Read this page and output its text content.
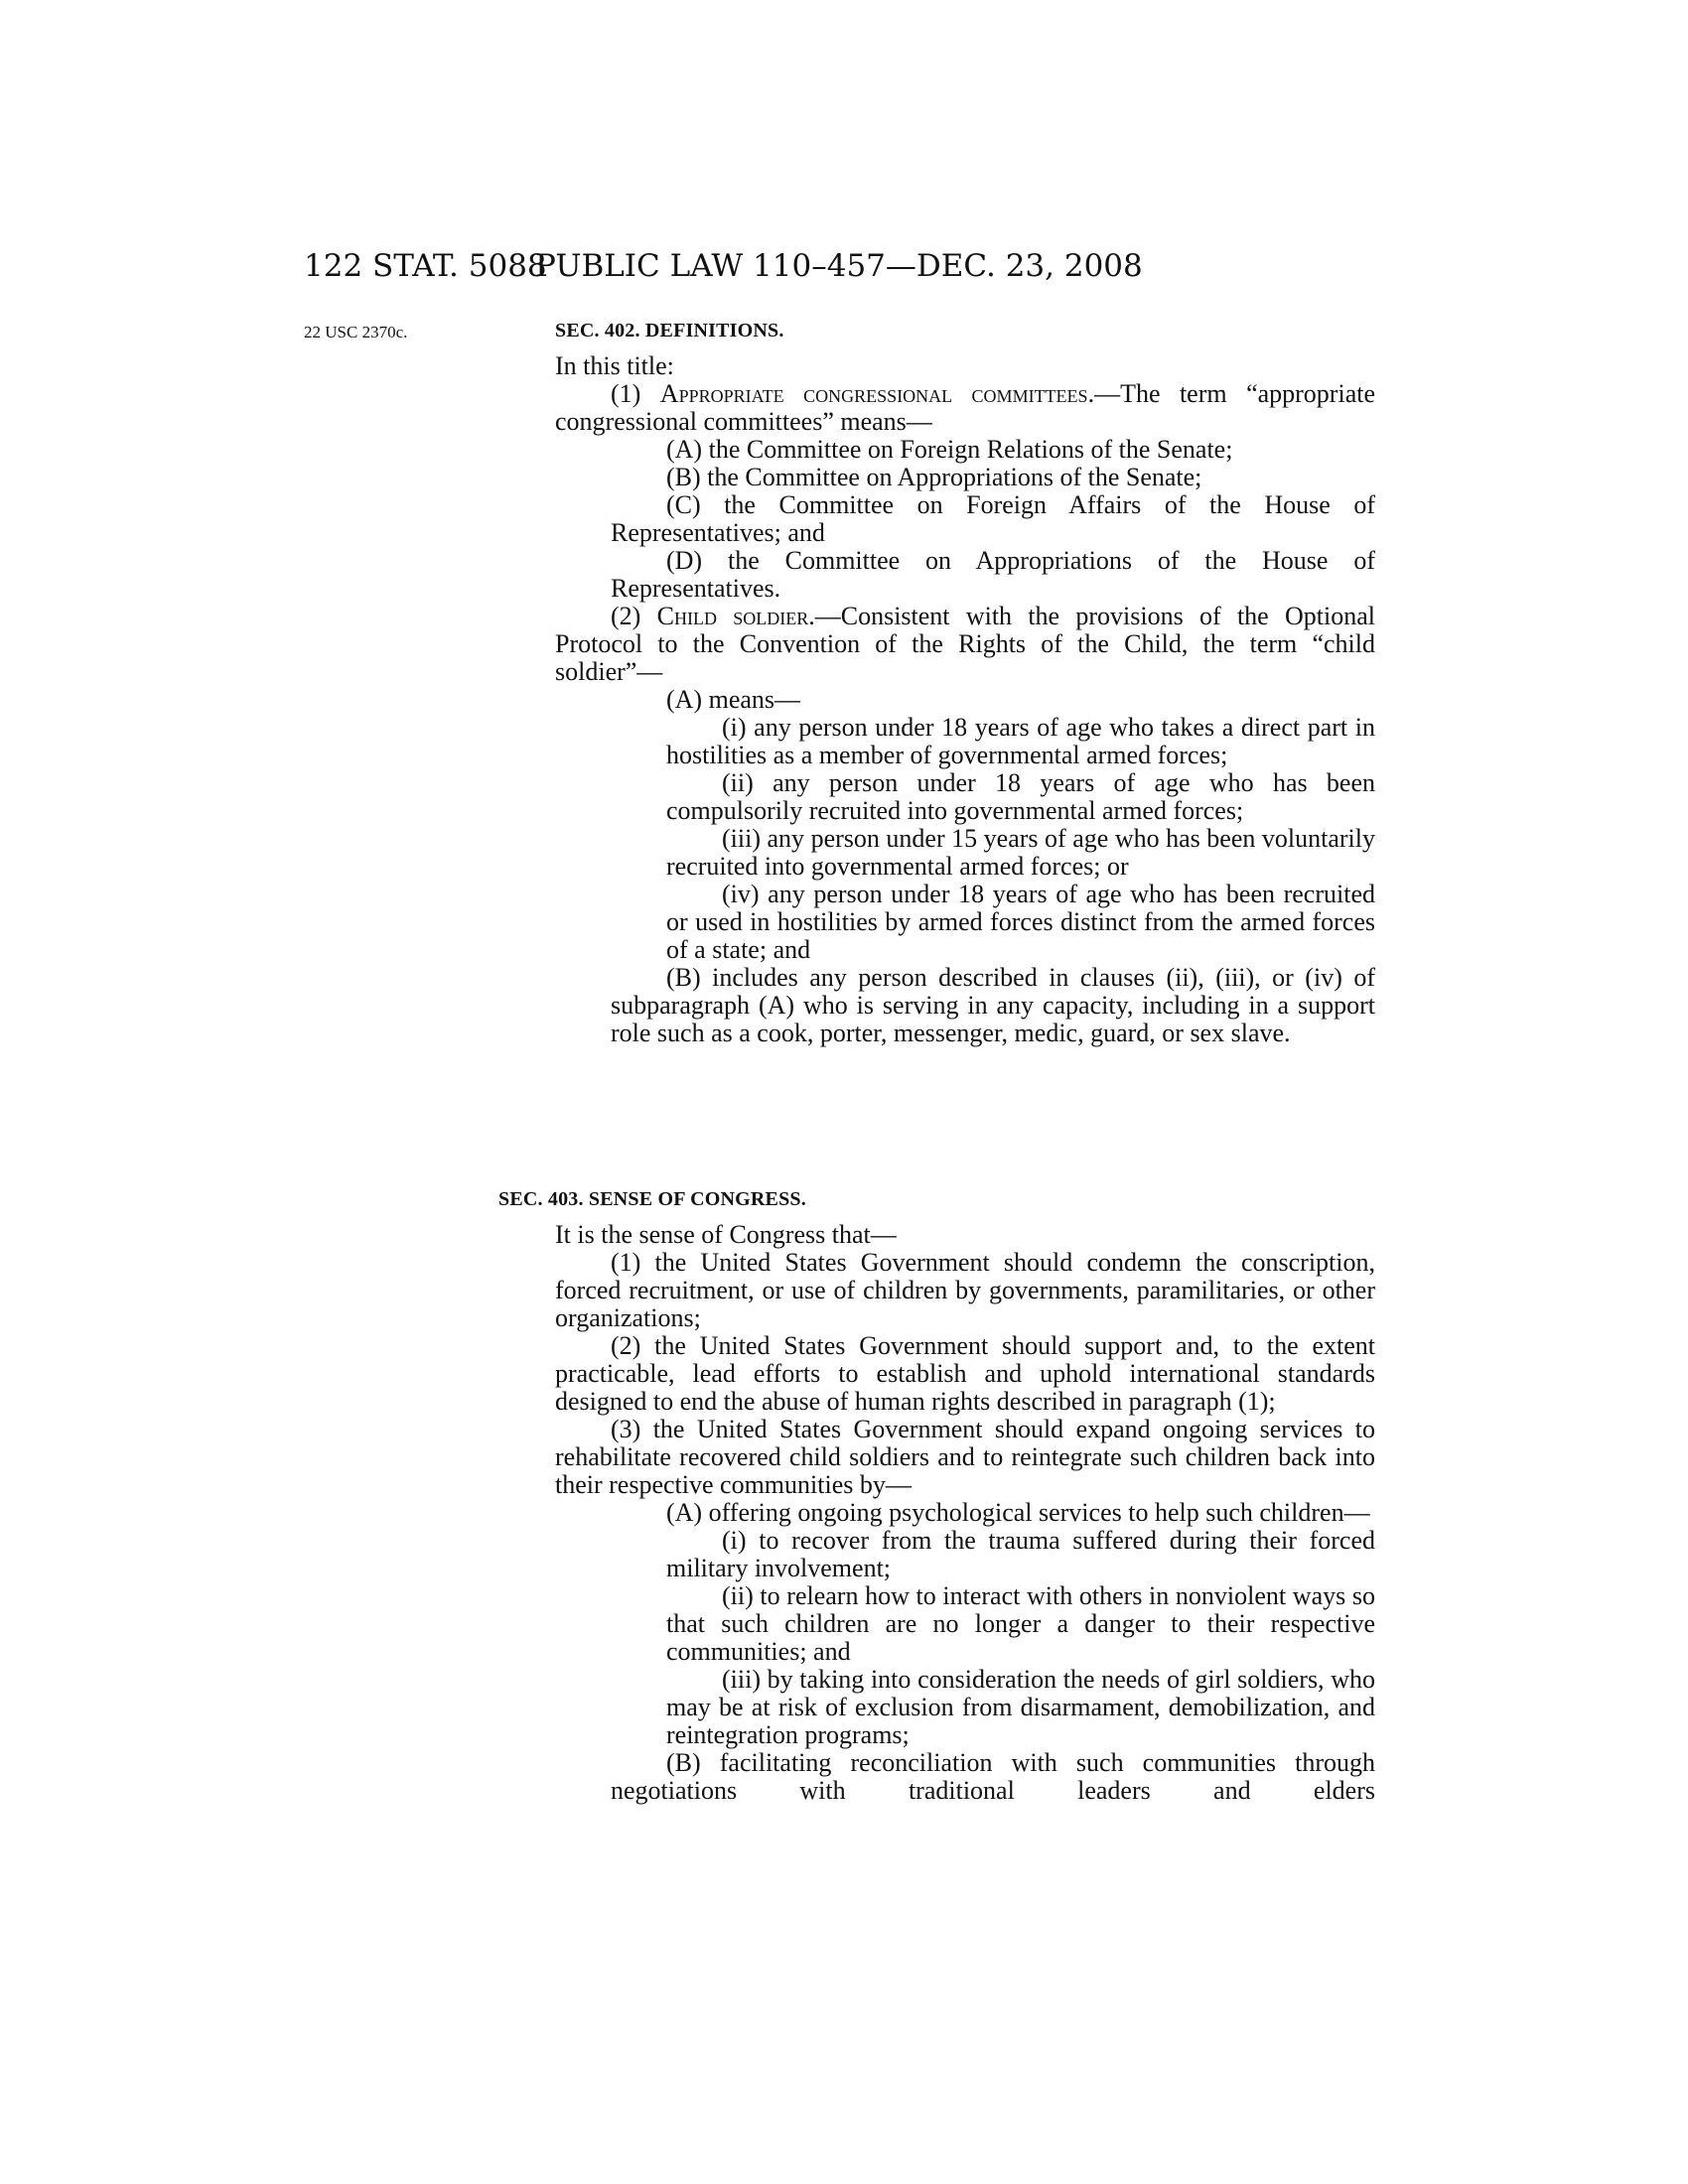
122 STAT. 5088
PUBLIC LAW 110–457—DEC. 23, 2008
22 USC 2370c.	SEC. 402. DEFINITIONS.

In this title:

(1) Appropriate congressional committees.—The term “appropriate congressional committees” means—

(A) the Committee on Foreign Relations of the Senate;

(B) the Committee on Appropriations of the Senate;

(C) the Committee on Foreign Affairs of the House of Representatives; and

(D) the Committee on Appropriations of the House of Representatives.

(2) Child soldier.—Consistent with the provisions of the Optional Protocol to the Convention of the Rights of the Child, the term “child soldier”—

(A) means—

(i) any person under 18 years of age who takes a direct part in hostilities as a member of governmental armed forces;

(ii) any person under 18 years of age who has been compulsorily recruited into governmental armed forces;

(iii) any person under 15 years of age who has been voluntarily recruited into governmental armed forces; or

(iv) any person under 18 years of age who has been recruited or used in hostilities by armed forces distinct from the armed forces of a state; and

(B) includes any person described in clauses (ii), (iii), or (iv) of subparagraph (A) who is serving in any capacity, including in a support role such as a cook, porter, messenger, medic, guard, or sex slave.

SEC. 403. SENSE OF CONGRESS.

It is the sense of Congress that—

(1) the United States Government should condemn the conscription, forced recruitment, or use of children by governments, paramilitaries, or other organizations;

(2) the United States Government should support and, to the extent practicable, lead efforts to establish and uphold international standards designed to end the abuse of human rights described in paragraph (1);

(3) the United States Government should expand ongoing services to rehabilitate recovered child soldiers and to reintegrate such children back into their respective communities by—

(A) offering ongoing psychological services to help such children—

(i) to recover from the trauma suffered during their forced military involvement;

(ii) to relearn how to interact with others in nonviolent ways so that such children are no longer a danger to their respective communities; and

(iii) by taking into consideration the needs of girl soldiers, who may be at risk of exclusion from disarmament, demobilization, and reintegration programs;

(B) facilitating reconciliation with such communities through negotiations with traditional leaders and elders
